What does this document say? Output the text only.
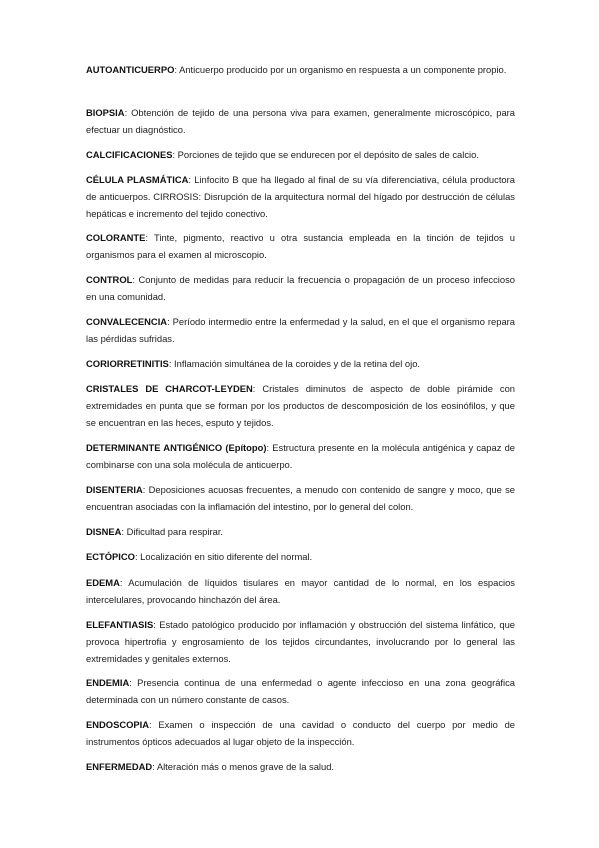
AUTOANTICUERPO: Anticuerpo producido por un organismo en respuesta a un componente propio.

BIOPSIA: Obtención de tejido de una persona viva para examen, generalmente microscópico, para efectuar un diagnóstico.

CALCIFICACIONES: Porciones de tejido que se endurecen por el depósito de sales de calcio.

CÉLULA PLASMÁTICA: Linfocito B que ha llegado al final de su vía diferenciativa, célula productora de anticuerpos. CIRROSIS: Disrupción de la arquitectura normal del hígado por destrucción de células hepáticas e incremento del tejido conectivo.

COLORANTE: Tinte, pigmento, reactivo u otra sustancia empleada en la tinción de tejidos u organismos para el examen al microscopio.

CONTROL: Conjunto de medidas para reducir la frecuencia o propagación de un proceso infeccioso en una comunidad.

CONVALECENCIA: Período intermedio entre la enfermedad y la salud, en el que el organismo repara las pérdidas sufridas.

CORIORRETINITIS: Inflamación simultánea de la coroides y de la retina del ojo.

CRISTALES DE CHARCOT-LEYDEN: Cristales diminutos de aspecto de doble pirámide con extremidades en punta que se forman por los productos de descomposición de los eosinófilos, y que se encuentran en las heces, esputo y tejidos.

DETERMINANTE ANTIGÉNICO (Epítopo): Estructura presente en la molécula antigénica y capaz de combinarse con una sola molécula de anticuerpo.

DISENTERIA: Deposiciones acuosas frecuentes, a menudo con contenido de sangre y moco, que se encuentran asociadas con la inflamación del intestino, por lo general del colon.

DISNEA: Dificultad para respirar.

ECTÓPICO: Localización en sitio diferente del normal.

EDEMA: Acumulación de líquidos tisulares en mayor cantidad de lo normal, en los espacios intercelulares, provocando hinchazón del área.

ELEFANTIASIS: Estado patológico producido por inflamación y obstrucción del sistema linfático, que provoca hipertrofia y engrosamiento de los tejidos circundantes, involucrando por lo general las extremidades y genitales externos.

ENDEMIA: Presencia continua de una enfermedad o agente infeccioso en una zona geográfica determinada con un número constante de casos.

ENDOSCOPIA: Examen o inspección de una cavidad o conducto del cuerpo por medio de instrumentos ópticos adecuados al lugar objeto de la inspección.

ENFERMEDAD: Alteración más o menos grave de la salud.
